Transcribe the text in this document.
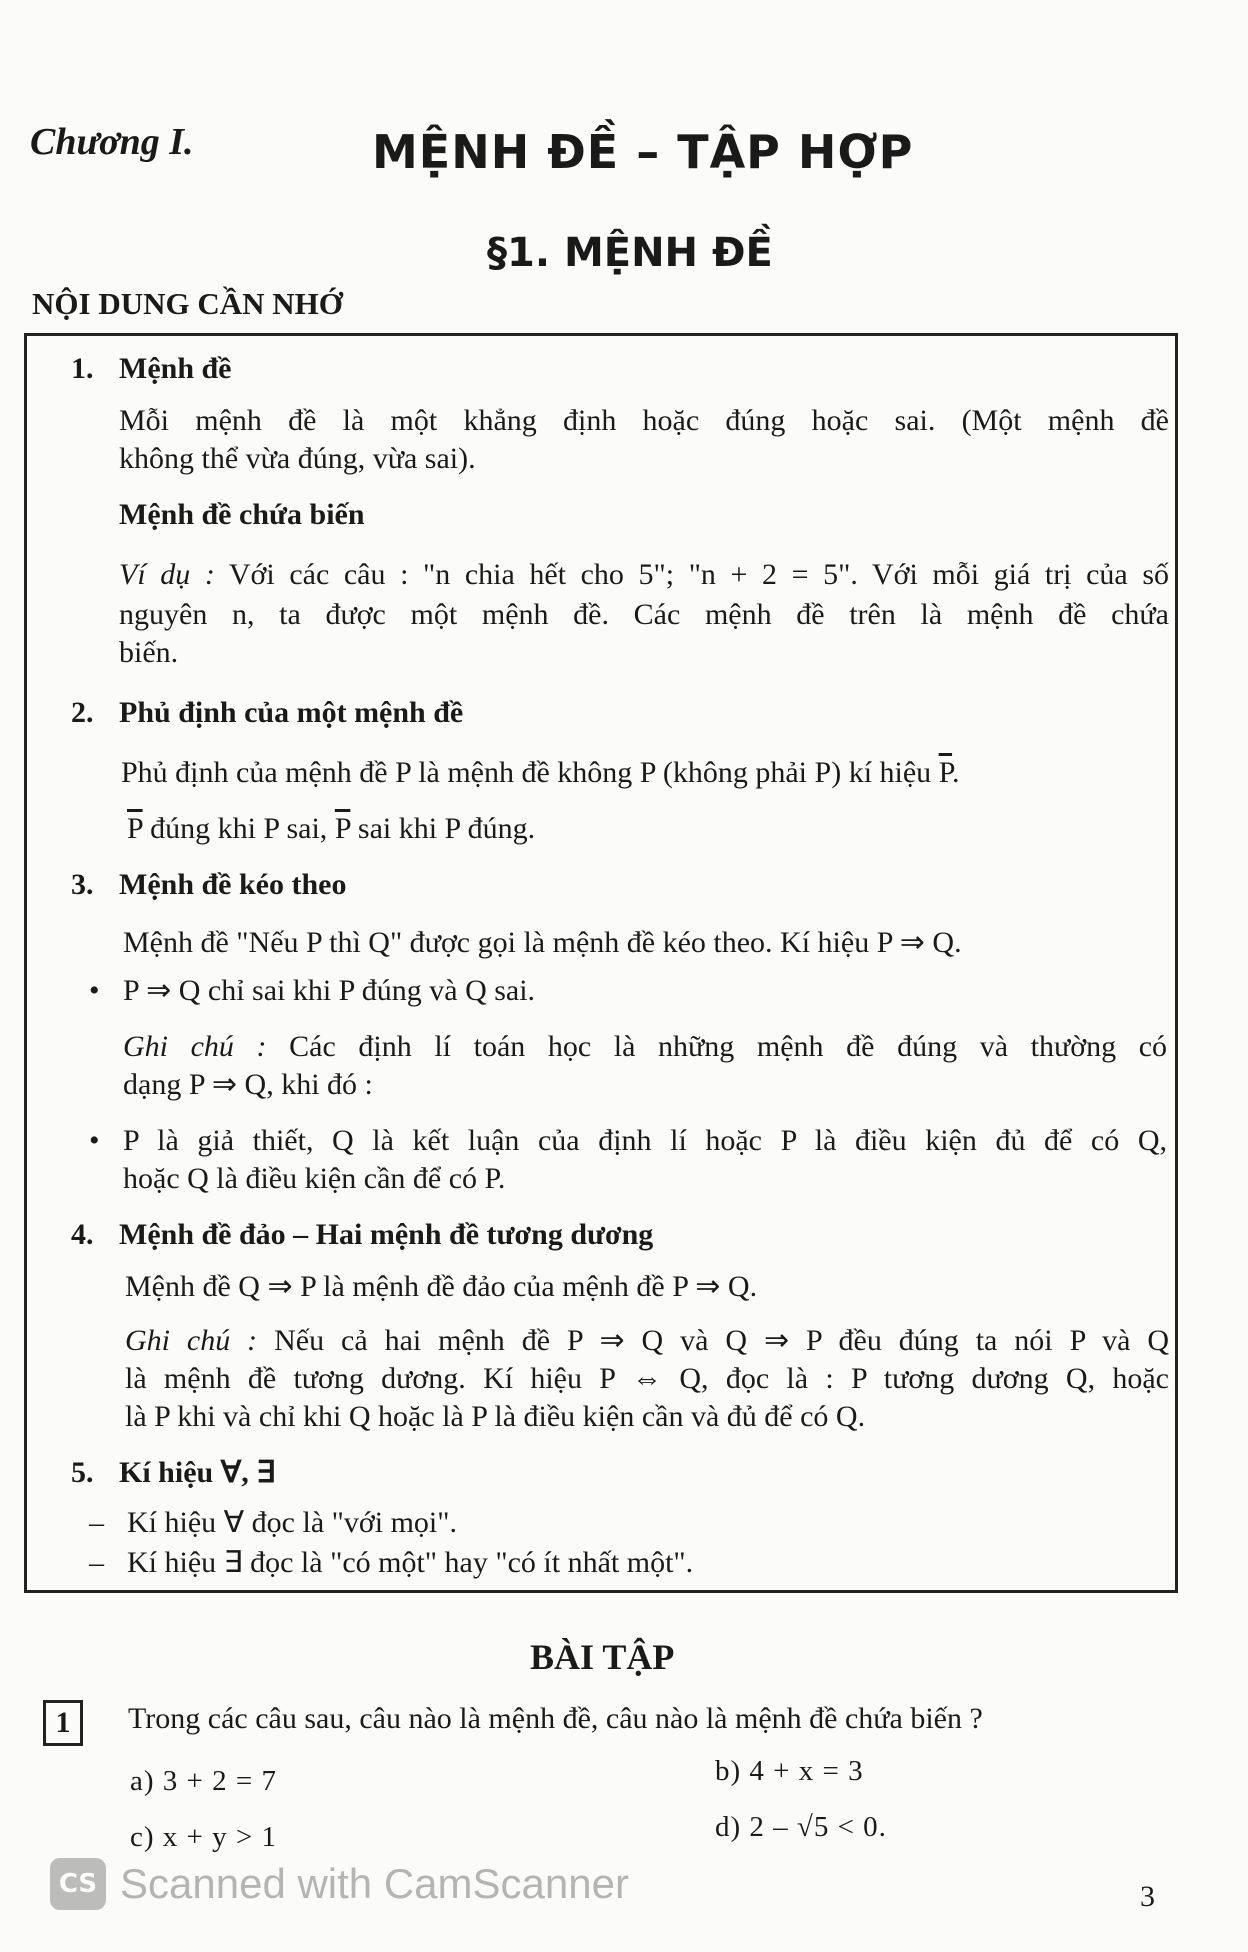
Chương I.	MỆNH ĐỀ – TẬP HỢP
§1. MỆNH ĐỀ
NỘI DUNG CẦN NHỚ
1. Mệnh đề
Mỗi mệnh đề là một khẳng định hoặc đúng hoặc sai. (Một mệnh đề
không thể vừa đúng, vừa sai).
Mệnh đề chứa biến
Ví dụ : Với các câu : "n chia hết cho 5"; "n + 2 = 5". Với mỗi giá trị của số
nguyên n, ta được một mệnh đề. Các mệnh đề trên là mệnh đề chứa
biến.
2. Phủ định của một mệnh đề
Phủ định của mệnh đề P là mệnh đề không P (không phải P) kí hiệu $\overline{P}$.
$\overline{P}$ đúng khi P sai, $\overline{P}$ sai khi P đúng.
3. Mệnh đề kéo theo
Mệnh đề "Nếu P thì Q" được gọi là mệnh đề kéo theo. Kí hiệu P ⇒ Q.
• P ⇒ Q chỉ sai khi P đúng và Q sai.
Ghi chú : Các định lí toán học là những mệnh đề đúng và thường có
dạng P ⇒ Q, khi đó :
• P là giả thiết, Q là kết luận của định lí hoặc P là điều kiện đủ để có Q,
hoặc Q là điều kiện cần để có P.
4. Mệnh đề đảo – Hai mệnh đề tương dương
Mệnh đề Q ⇒ P là mệnh đề đảo của mệnh đề P ⇒ Q.
Ghi chú : Nếu cả hai mệnh đề P ⇒ Q và Q ⇒ P đều đúng ta nói P và Q
là mệnh đề tương dương. Kí hiệu P ⇔ Q, đọc là : P tương dương Q, hoặc
là P khi và chỉ khi Q hoặc là P là điều kiện cần và đủ để có Q.
5. Kí hiệu ∀, ∃
– Kí hiệu ∀ đọc là "với mọi".
– Kí hiệu ∃ đọc là "có một" hay "có ít nhất một".
BÀI TẬP
1	Trong các câu sau, câu nào là mệnh đề, câu nào là mệnh đề chứa biến ?
a) 3 + 2 = 7	b) 4 + x = 3
c) x + y > 1	d) 2 – √5 < 0.
CS Scanned with CamScanner	3
